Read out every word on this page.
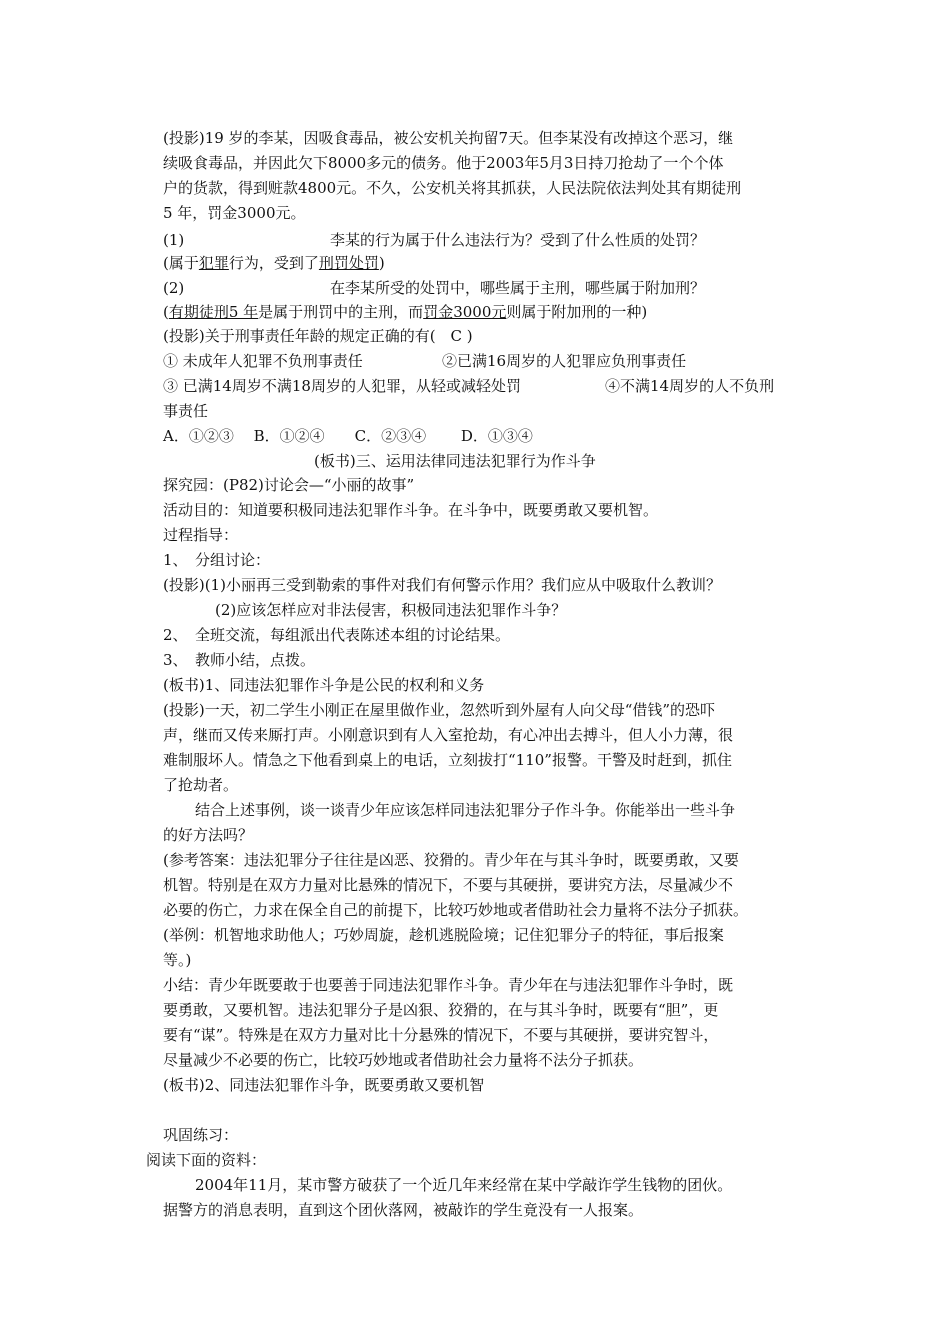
(投影)19 岁的李某，因吸食毒品，被公安机关拘留7天。但李某没有改掉这个恶习，继
续吸食毒品，并因此欠下8000多元的债务。他于2003年5月3日持刀抢劫了一个个体
户的货款，得到赃款4800元。不久，公安机关将其抓获，人民法院依法判处其有期徒刑
5 年，罚金3000元。
(1)	李某的行为属于什么违法行为？受到了什么性质的处罚？
(属于犯罪行为，受到了刑罚处罚)
(2)	在李某所受的处罚中，哪些属于主刑，哪些属于附加刑？
(有期徒刑5 年是属于刑罚中的主刑，而罚金3000元则属于附加刑的一种)
(投影)关于刑事责任年龄的规定正确的有(　C )
① 未成年人犯罪不负刑事责任	②已满16周岁的人犯罪应负刑事责任
③ 已满14周岁不满18周岁的人犯罪，从轻或减轻处罚	④不满14周岁的人不负刑
事责任
A．①②③　 B．①②④　　C．②③④　　 D．①③④
(板书)三、运用法律同违法犯罪行为作斗争
探究园：(P82)讨论会—“小丽的故事”
活动目的：知道要积极同违法犯罪作斗争。在斗争中，既要勇敢又要机智。
过程指导：
1、　分组讨论：
(投影)(1)小丽再三受到勒索的事件对我们有何警示作用？我们应从中吸取什么教训？
(2)应该怎样应对非法侵害，积极同违法犯罪作斗争？
2、　全班交流，每组派出代表陈述本组的讨论结果。
3、　教师小结，点拨。
(板书)1、同违法犯罪作斗争是公民的权利和义务
(投影)一天，初二学生小刚正在屋里做作业，忽然听到外屋有人向父母“借钱”的恐吓
声，继而又传来厮打声。小刚意识到有人入室抢劫，有心冲出去搏斗，但人小力薄，很
难制服坏人。情急之下他看到桌上的电话，立刻拔打“110”报警。干警及时赶到，抓住
了抢劫者。
结合上述事例，谈一谈青少年应该怎样同违法犯罪分子作斗争。你能举出一些斗争
的好方法吗？
(参考答案：违法犯罪分子往往是凶恶、狡猾的。青少年在与其斗争时，既要勇敢，又要
机智。特别是在双方力量对比悬殊的情况下，不要与其硬拼，要讲究方法，尽量减少不
必要的伤亡，力求在保全自己的前提下，比较巧妙地或者借助社会力量将不法分子抓获。
(举例：机智地求助他人；巧妙周旋，趁机逃脱险境；记住犯罪分子的特征，事后报案
等。)
小结：青少年既要敢于也要善于同违法犯罪作斗争。青少年在与违法犯罪作斗争时，既
要勇敢，又要机智。违法犯罪分子是凶狠、狡猾的，在与其斗争时，既要有“胆”，更
要有“谋”。特殊是在双方力量对比十分悬殊的情况下，不要与其硬拼，要讲究智斗，
尽量减少不必要的伤亡，比较巧妙地或者借助社会力量将不法分子抓获。
(板书)2、同违法犯罪作斗争，既要勇敢又要机智
巩固练习：
阅读下面的资料：
2004年11月，某市警方破获了一个近几年来经常在某中学敲诈学生钱物的团伙。
据警方的消息表明，直到这个团伙落网，被敲诈的学生竟没有一人报案。
